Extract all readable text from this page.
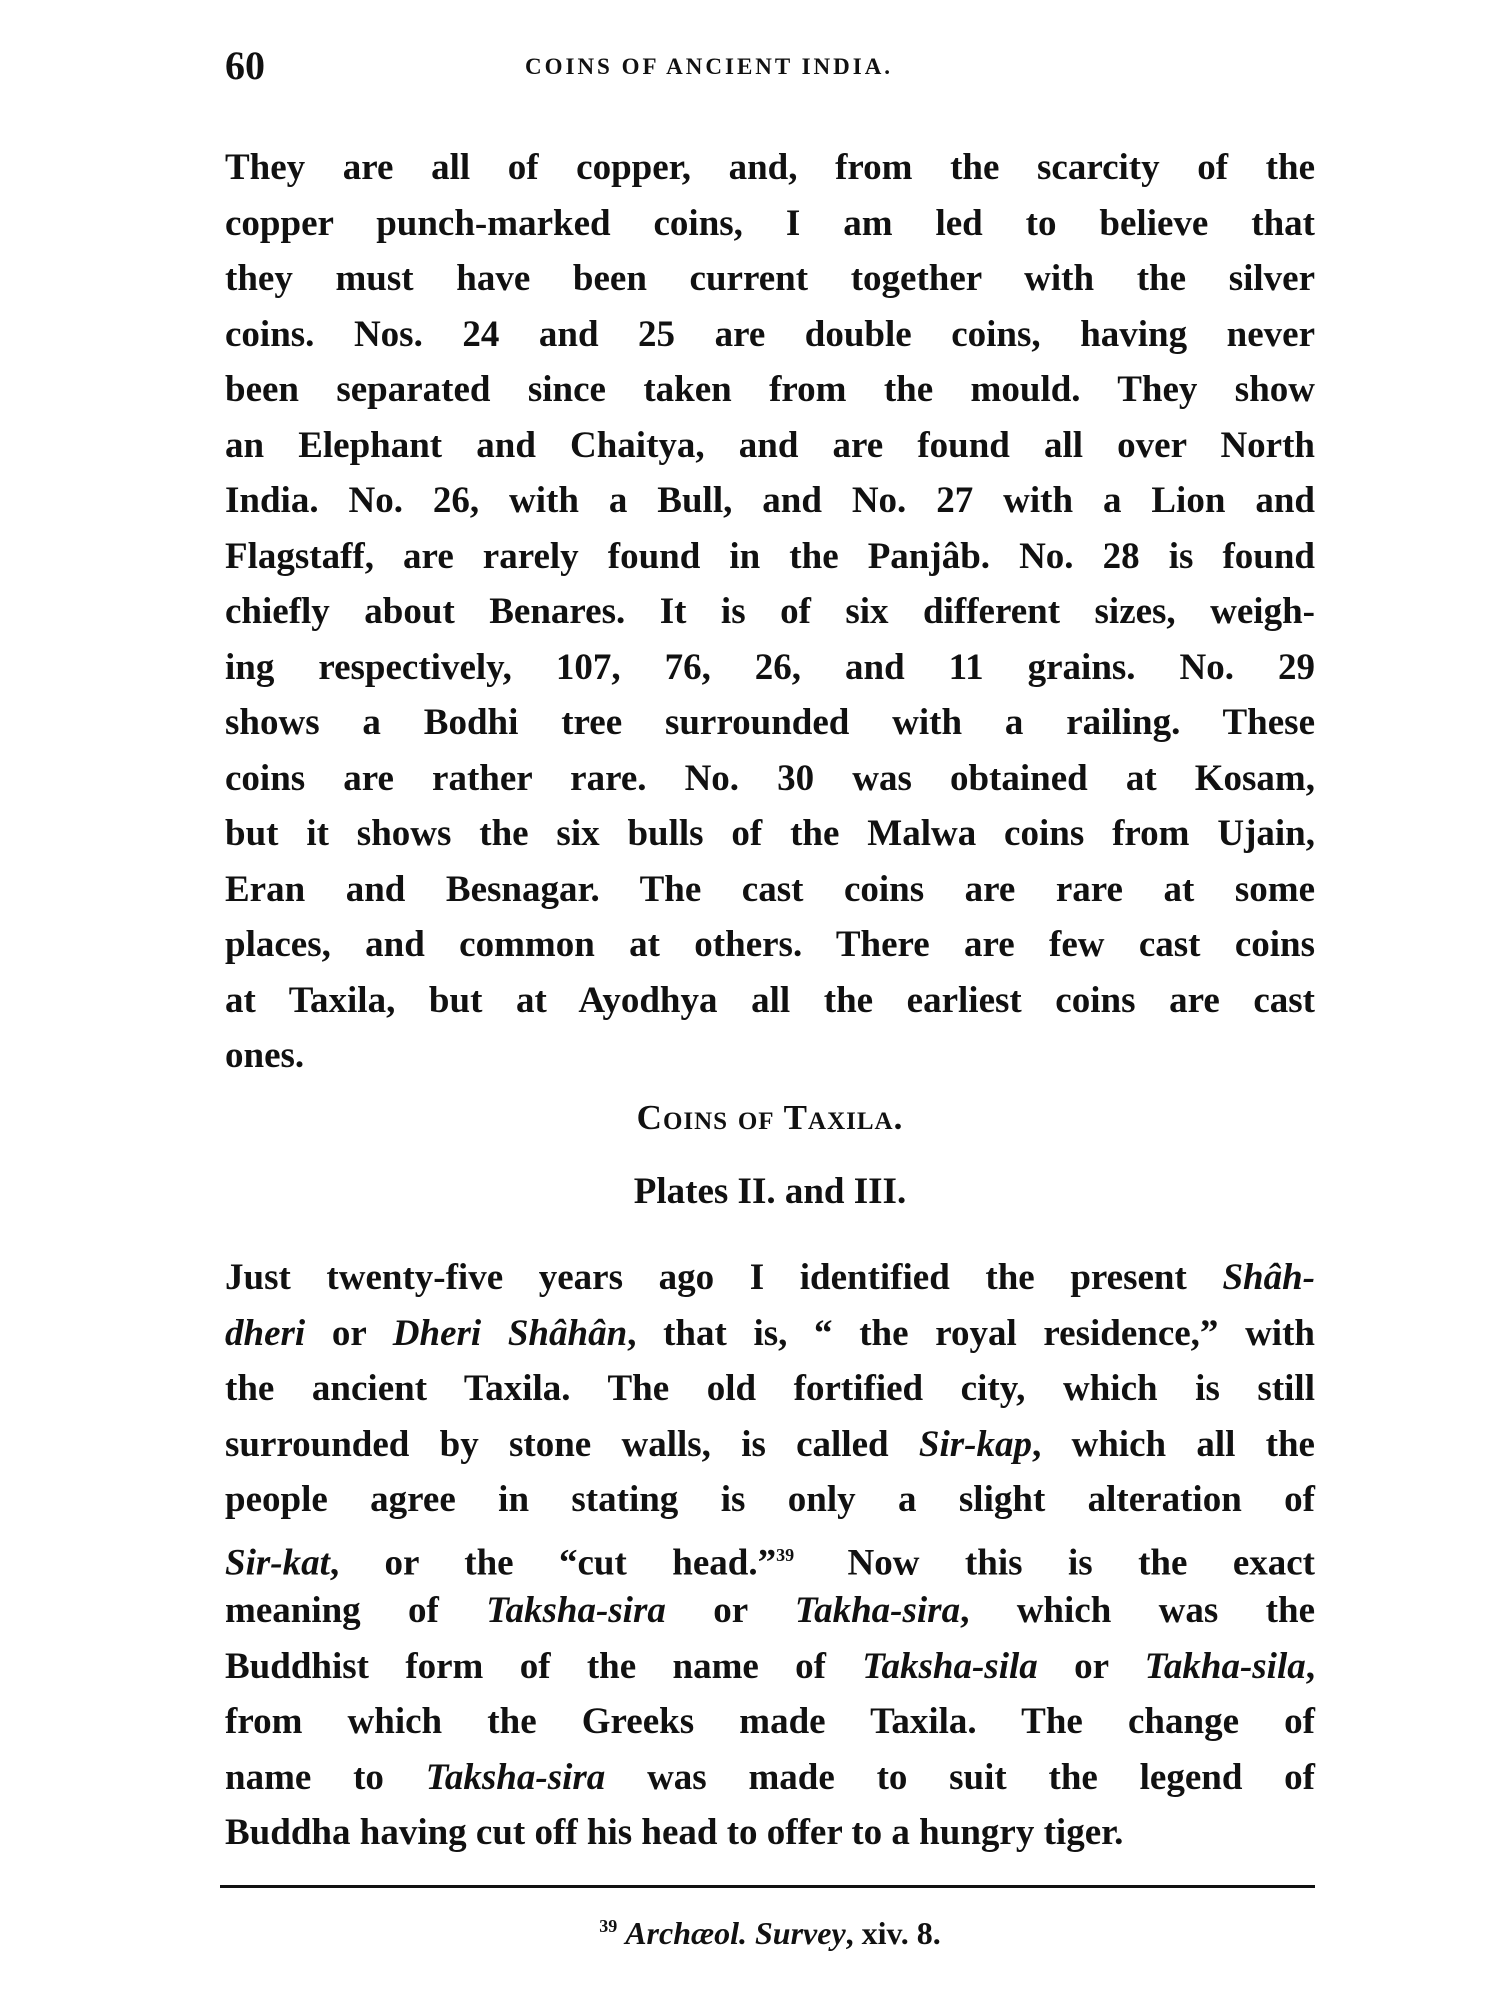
60	COINS OF ANCIENT INDIA.
They are all of copper, and, from the scarcity of the
copper punch-marked coins, I am led to believe that
they must have been current together with the silver
coins. Nos. 24 and 25 are double coins, having never
been separated since taken from the mould. They show
an Elephant and Chaitya, and are found all over North
India. No. 26, with a Bull, and No. 27 with a Lion and
Flagstaff, are rarely found in the Panjâb. No. 28 is found
chiefly about Benares. It is of six different sizes, weigh-
ing respectively, 107, 76, 26, and 11 grains. No. 29
shows a Bodhi tree surrounded with a railing. These
coins are rather rare. No. 30 was obtained at Kosam,
but it shows the six bulls of the Malwa coins from Ujain,
Eran and Besnagar. The cast coins are rare at some
places, and common at others. There are few cast coins
at Taxila, but at Ayodhya all the earliest coins are cast
ones.
Coins of Taxila.
Plates II. and III.
Just twenty-five years ago I identified the present Shâh-
dheri or Dheri Shâhân, that is, “ the royal residence,” with
the ancient Taxila. The old fortified city, which is still
surrounded by stone walls, is called Sir-kap, which all the
people agree in stating is only a slight alteration of
Sir-kat, or the “cut head.”$^{39}$ Now this is the exact
meaning of Taksha-sira or Takha-sira, which was the
Buddhist form of the name of Taksha-sila or Takha-sila,
from which the Greeks made Taxila. The change of
name to Taksha-sira was made to suit the legend of
Buddha having cut off his head to offer to a hungry tiger.
$^{39}$ Archæol. Survey, xiv. 8.
